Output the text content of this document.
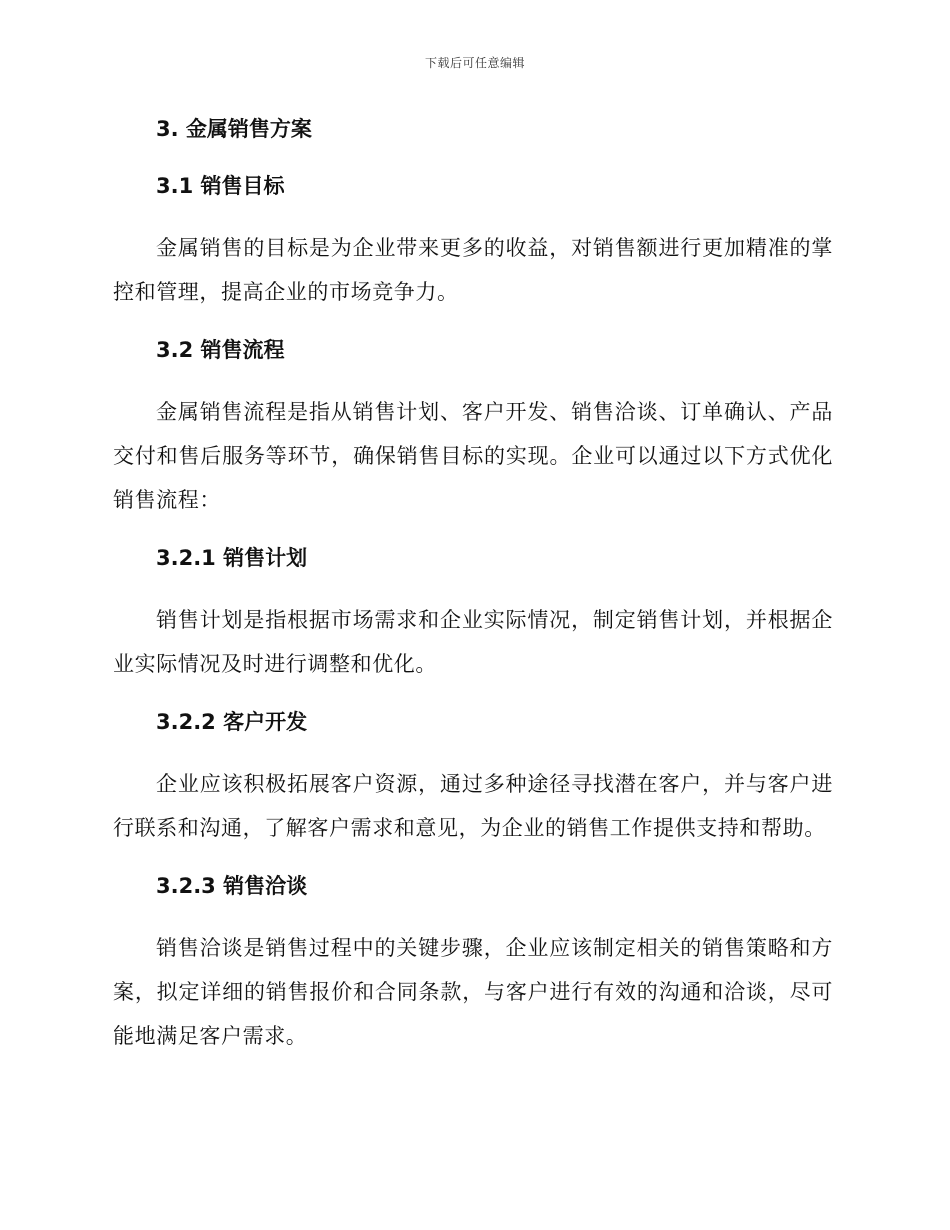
下载后可任意编辑
3. 金属销售方案
3.1 销售目标

金属销售的目标是为企业带来更多的收益，对销售额进行更加精准的掌控和管理，提高企业的市场竞争力。

3.2 销售流程

金属销售流程是指从销售计划、客户开发、销售洽谈、订单确认、产品交付和售后服务等环节，确保销售目标的实现。企业可以通过以下方式优化销售流程：

3.2.1 销售计划

销售计划是指根据市场需求和企业实际情况，制定销售计划，并根据企业实际情况及时进行调整和优化。

3.2.2 客户开发

企业应该积极拓展客户资源，通过多种途径寻找潜在客户，并与客户进行联系和沟通，了解客户需求和意见，为企业的销售工作提供支持和帮助。

3.2.3 销售洽谈

销售洽谈是销售过程中的关键步骤，企业应该制定相关的销售策略和方案，拟定详细的销售报价和合同条款，与客户进行有效的沟通和洽谈，尽可能地满足客户需求。
